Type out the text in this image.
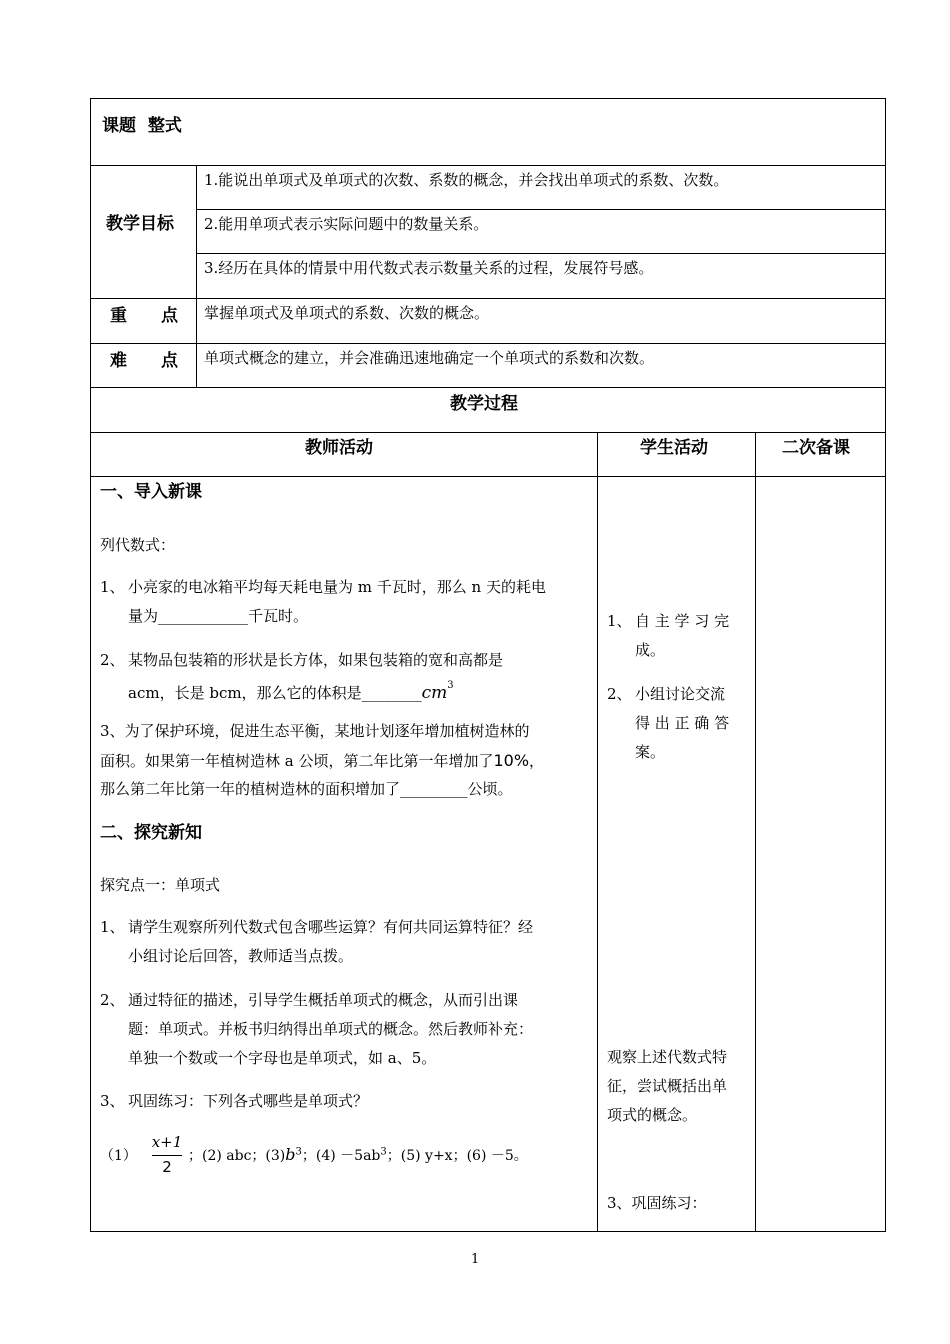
课题 整式
教学目标
1.能说出单项式及单项式的次数、系数的概念，并会找出单项式的系数、次数。
2.能用单项式表示实际问题中的数量关系。
3.经历在具体的情景中用代数式表示数量关系的过程，发展符号感。
重　　点 掌握单项式及单项式的系数、次数的概念。
难　　点 单项式概念的建立，并会准确迅速地确定一个单项式的系数和次数。
教学过程
教师活动	学生活动	二次备课
一、导入新课
列代数式：
1、 小亮家的电冰箱平均每天耗电量为 m 千瓦时，那么 n 天的耗电
量为____________千瓦时。
2、 某物品包装箱的形状是长方体，如果包装箱的宽和高都是
acm，长是 bcm，那么它的体积是$\_\_\_\_\_\_\_\_cm^3$
3、为了保护环境，促进生态平衡，某地计划逐年增加植树造林的
面积。如果第一年植树造林 a 公顷，第二年比第一年增加了10%，
那么第二年比第一年的植树造林的面积增加了_________公顷。
二、探究新知
探究点一：单项式
1、 请学生观察所列代数式包含哪些运算？有何共同运算特征？经
小组讨论后回答，教师适当点拨。
2、 通过特征的描述，引导学生概括单项式的概念，从而引出课
题：单项式。并板书归纳得出单项式的概念。然后教师补充：
单独一个数或一个字母也是单项式，如 a、5。
3、 巩固练习：下列各式哪些是单项式？
（1）
x+1
2
；(2) abc；$(3)b^3$；$(4) -5ab^3$；(5) y+x；(6) －5。
1、 自 主 学 习 完
成。
2、 小组讨论交流
得 出 正 确 答
案。
观察上述代数式特
征，尝试概括出单
项式的概念。
3、巩固练习：
1
